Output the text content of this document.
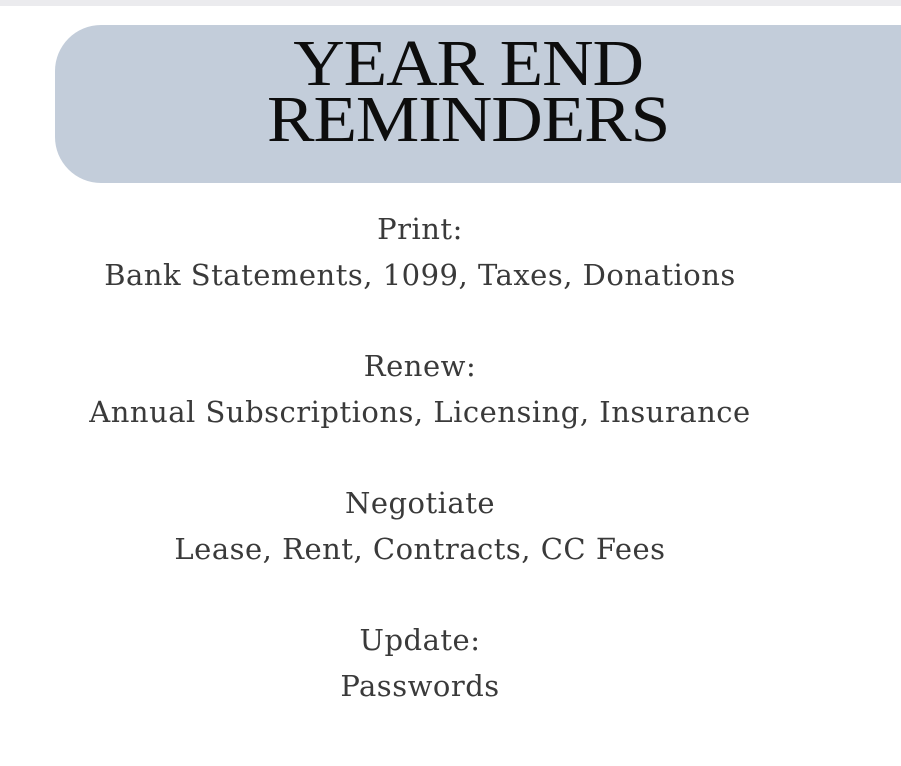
YEAR END
REMINDERS
Print:
Bank Statements, 1099, Taxes, Donations
Renew:
Annual Subscriptions, Licensing, Insurance
Negotiate
Lease, Rent, Contracts, CC Fees
Update:
Passwords
